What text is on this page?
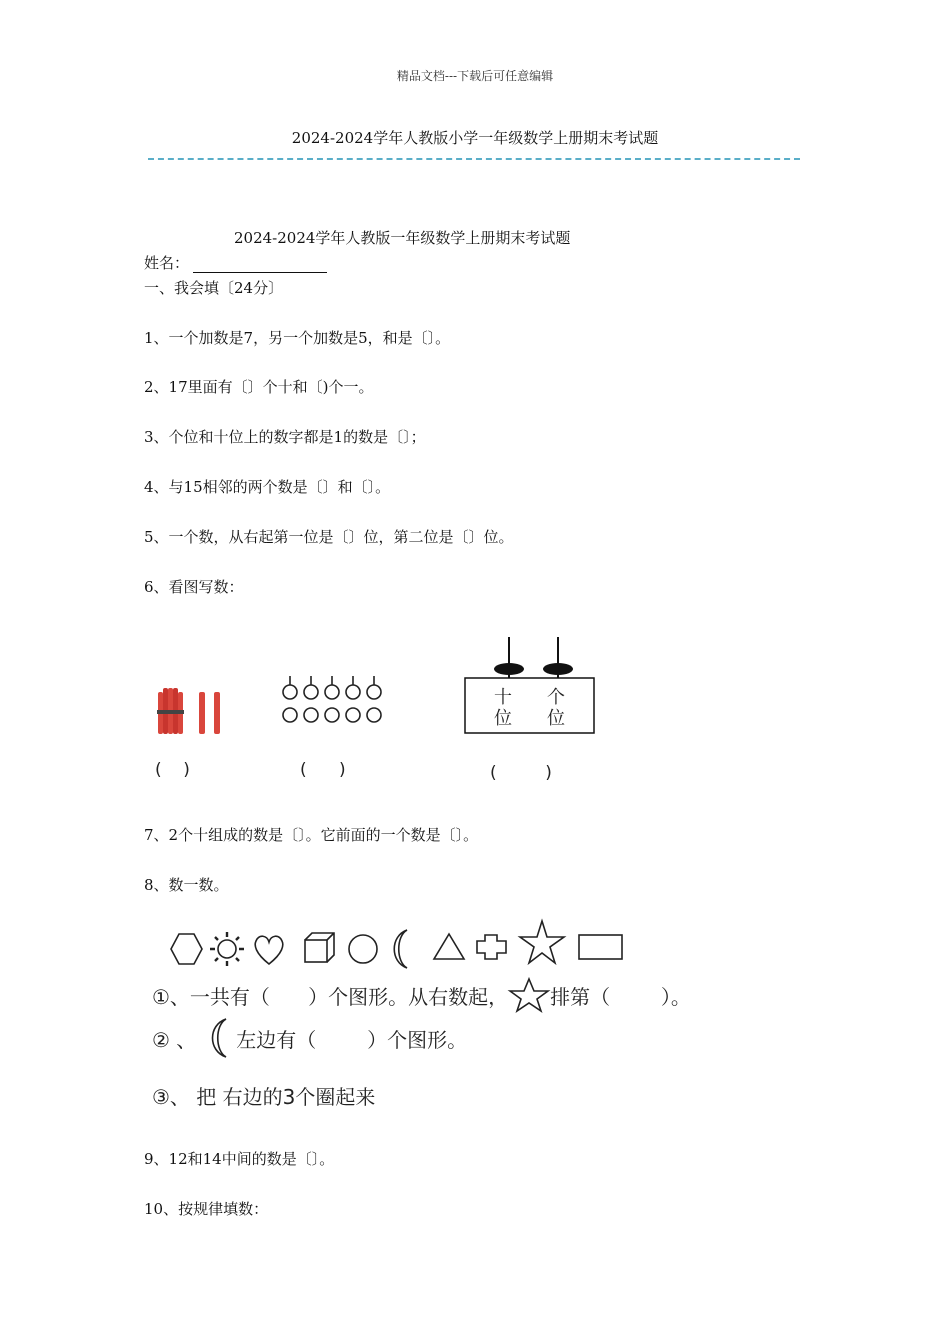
精品文档---下载后可任意编辑
2024-2024学年人教版小学一年级数学上册期末考试题
2024-2024学年人教版一年级数学上册期末考试题
姓名：
一、我会填〔24分〕
1、一个加数是7，另一个加数是5，和是〔〕。
2、17里面有〔〕个十和〔)个一。
3、个位和十位上的数字都是1的数是〔〕；
4、与15相邻的两个数是〔〕和〔〕。
5、一个数，从右起第一位是〔〕位，第二位是〔〕位。
6、看图写数：
十
位
个
位
(    )	(      )	(         )
7、2个十组成的数是〔〕。它前面的一个数是〔〕。
8、数一数。
①、一共有（      ）个图形。从右数起， 排第（        ）。
② 、 左边有（        ）个图形。
③、 把 右边的3个圈起来
9、12和14中间的数是〔〕。
10、按规律填数：
